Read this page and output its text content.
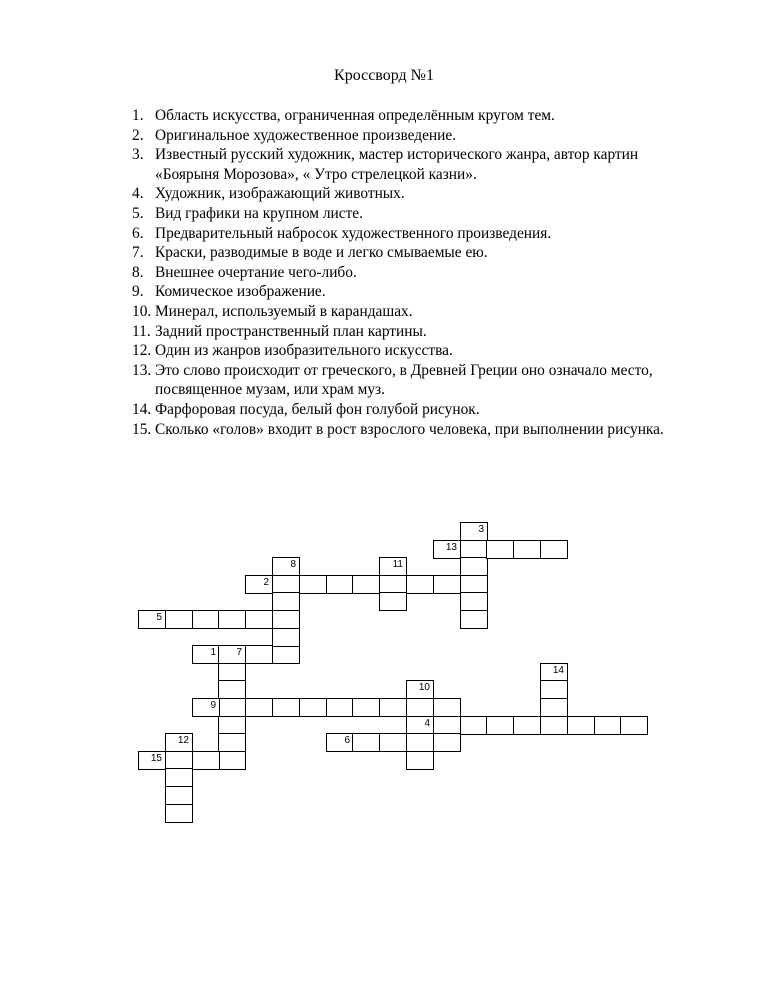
Кроссворд №1
1. Область искусства, ограниченная определённым кругом тем.
2. Оригинальное художественное произведение.
3. Известный русский художник, мастер исторического жанра, автор картин «Боярыня Морозова», « Утро стрелецкой казни».
4. Художник, изображающий животных.
5. Вид графики на крупном листе.
6. Предварительный набросок художественного произведения.
7. Краски, разводимые в воде и легко смываемые ею.
8. Внешнее очертание чего-либо.
9. Комическое изображение.
10. Минерал, используемый в карандашах.
11. Задний пространственный план картины.
12. Один из жанров изобразительного искусства.
13. Это слово происходит от греческого, в Древней Греции оно означало место, посвященное музам, или храм муз.
14. Фарфоровая посуда, белый фон голубой рисунок.
15. Сколько «голов» входит в рост взрослого человека, при выполнении рисунка.
1 7
2
3
4
5
6
8
9
10
11
12
13
14
15
